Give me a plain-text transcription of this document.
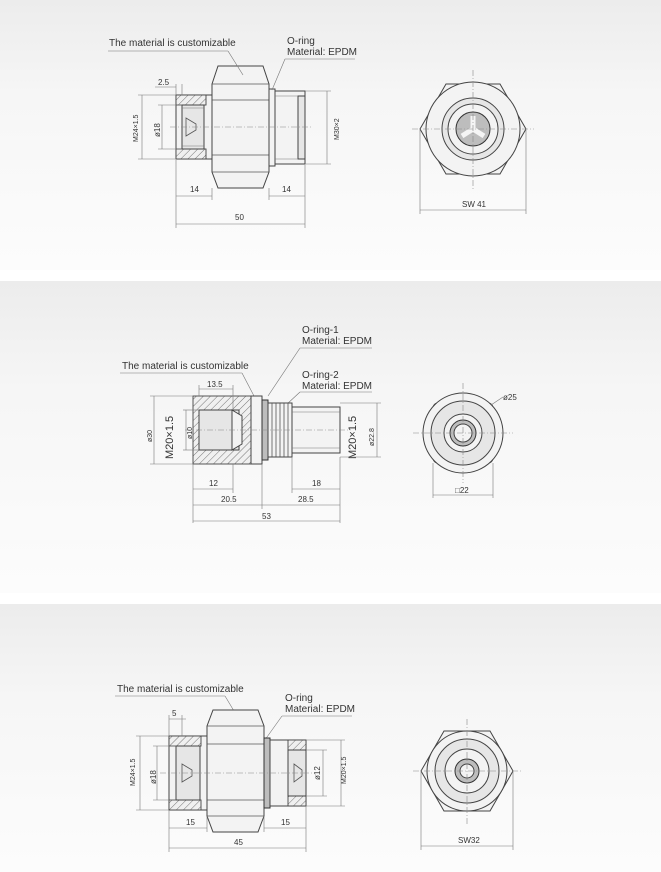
The material is customizable	O-ring
Material: EPDM
2.5
M24×1.5 ø18	M30×2
14	14
50
SW 41
O-ring-1
Material: EPDM
The material is customizable
O-ring-2
Material: EPDM
13.5
ø30 M20×1.5 ø10	M20×1.5 ø22.8
12	18
20.5	28.5
53
ø25
□22
The material is customizable
O-ring
Material: EPDM
5
M24×1.5 ø18	ø12	M20×1.5
15	15
45	SW32
